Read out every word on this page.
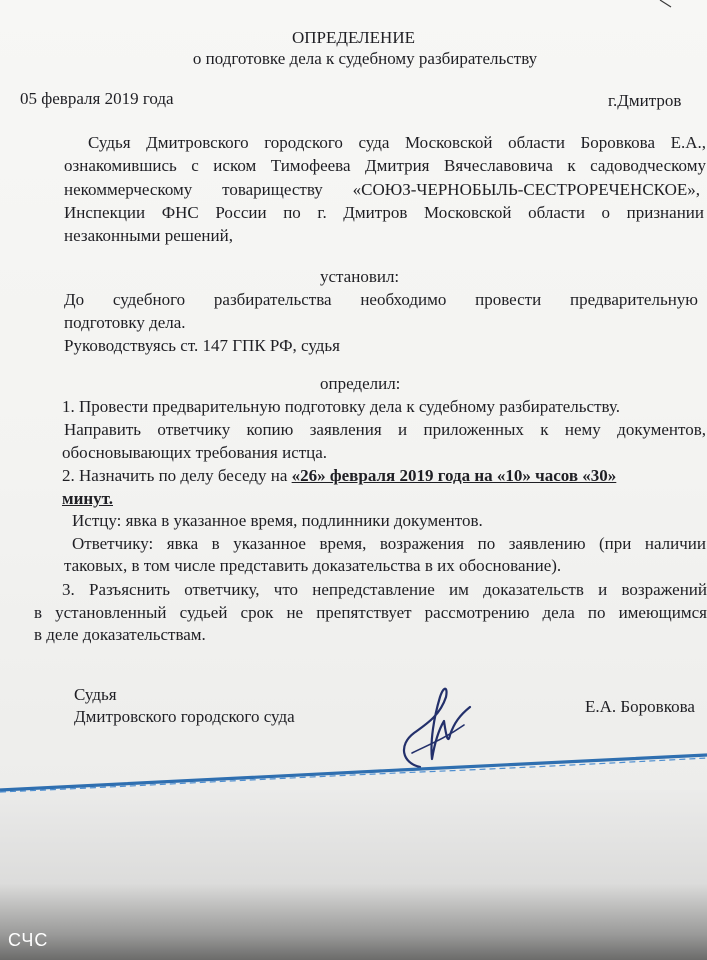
ОПРЕДЕЛЕНИЕ
о подготовке дела к судебному разбирательству
05 февраля 2019 года	г.Дмитров
Судья Дмитровского городского суда Московской области Боровкова Е.А.,
ознакомившись с иском Тимофеева Дмитрия Вячеславовича к садоводческому
некоммерческому товариществу «СОЮЗ-ЧЕРНОБЫЛЬ-СЕСТРОРЕЧЕНСКОЕ»,
Инспекции ФНС России по г. Дмитров Московской области о признании
незаконными решений,
установил:
До судебного разбирательства необходимо провести предварительную
подготовку дела.
Руководствуясь ст. 147 ГПК РФ, судья
определил:
1. Провести предварительную подготовку дела к судебному разбирательству.
Направить ответчику копию заявления и приложенных к нему документов,
обосновывающих требования истца.
2. Назначить по делу беседу на «26» февраля 2019 года на «10» часов «30»
минут.
Истцу: явка в указанное время, подлинники документов.
Ответчику: явка в указанное время, возражения по заявлению (при наличии
таковых, в том числе представить доказательства в их обоснование).
3. Разъяснить ответчику, что непредставление им доказательств и возражений
в установленный судьей срок не препятствует рассмотрению дела по имеющимся
в деле доказательствам.
Судья
Дмитровского городского суда
Е.А. Боровкова
СЧС
